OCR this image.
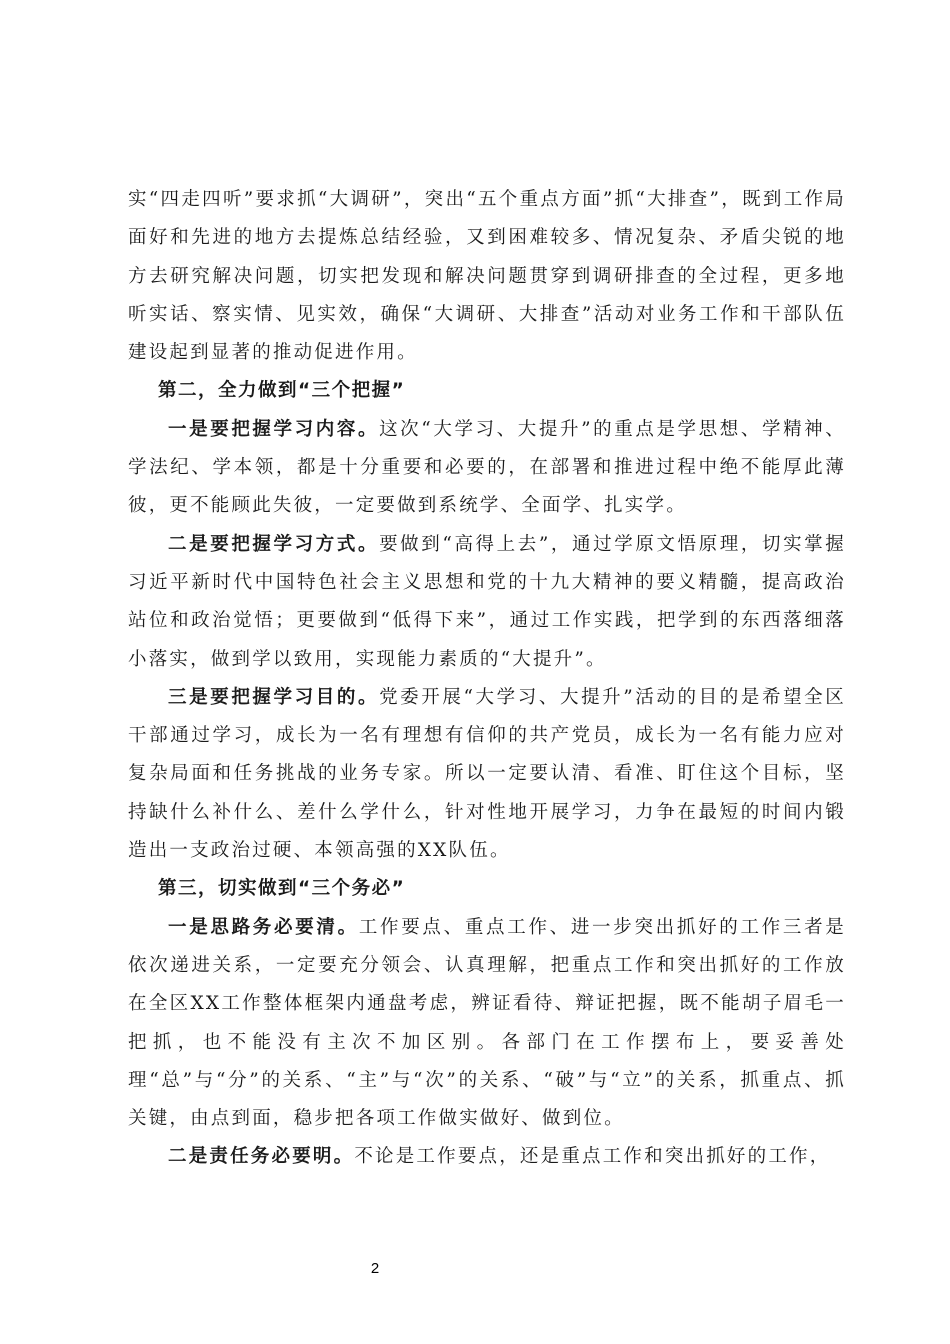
实“四走四听”要求抓“大调研”，突出“五个重点方面”抓“大排查”，既到工作局面好和先进的地方去提炼总结经验，又到困难较多、情况复杂、矛盾尖锐的地方去研究解决问题，切实把发现和解决问题贯穿到调研排查的全过程，更多地听实话、察实情、见实效，确保“大调研、大排查”活动对业务工作和干部队伍建设起到显著的推动促进作用。

第二，全力做到“三个把握”

一是要把握学习内容。这次“大学习、大提升”的重点是学思想、学精神、学法纪、学本领，都是十分重要和必要的，在部署和推进过程中绝不能厚此薄彼，更不能顾此失彼，一定要做到系统学、全面学、扎实学。

二是要把握学习方式。要做到“高得上去”，通过学原文悟原理，切实掌握习近平新时代中国特色社会主义思想和党的十九大精神的要义精髓，提高政治站位和政治觉悟；更要做到“低得下来”，通过工作实践，把学到的东西落细落小落实，做到学以致用，实现能力素质的“大提升”。

三是要把握学习目的。党委开展“大学习、大提升”活动的目的是希望全区干部通过学习，成长为一名有理想有信仰的共产党员，成长为一名有能力应对复杂局面和任务挑战的业务专家。所以一定要认清、看准、盯住这个目标，坚持缺什么补什么、差什么学什么，针对性地开展学习，力争在最短的时间内锻造出一支政治过硬、本领高强的XX队伍。

第三，切实做到“三个务必”

一是思路务必要清。工作要点、重点工作、进一步突出抓好的工作三者是依次递进关系，一定要充分领会、认真理解，把重点工作和突出抓好的工作放在全区XX工作整体框架内通盘考虑，辨证看待、辩证把握，既不能胡子眉毛一把抓，也不能没有主次不加区别。各部门在工作摆布上，要妥善处理“总”与“分”的关系、“主”与“次”的关系、“破”与“立”的关系，抓重点、抓关键，由点到面，稳步把各项工作做实做好、做到位。

二是责任务必要明。不论是工作要点，还是重点工作和突出抓好的工作，

2
